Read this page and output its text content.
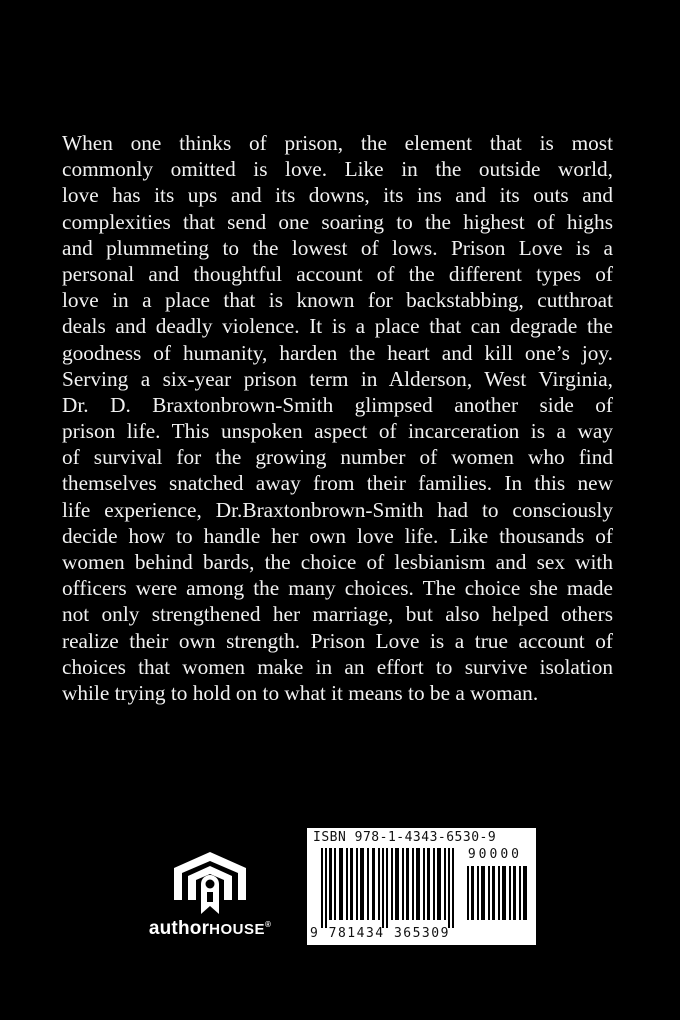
When one thinks of prison, the element that is most
commonly omitted is love. Like in the outside world,
love has its ups and its downs, its ins and its outs and
complexities that send one soaring to the highest of highs
and plummeting to the lowest of lows. Prison Love is a
personal and thoughtful account of the different types of
love in a place that is known for backstabbing, cutthroat
deals and deadly violence. It is a place that can degrade the
goodness of humanity, harden the heart and kill one’s joy.
Serving a six-year prison term in Alderson, West Virginia,
Dr. D. Braxtonbrown-Smith glimpsed another side of
prison life. This unspoken aspect of incarceration is a way
of survival for the growing number of women who find
themselves snatched away from their families. In this new
life experience, Dr.Braxtonbrown-Smith had to consciously
decide how to handle her own love life. Like thousands of
women behind bards, the choice of lesbianism and sex with
officers were among the many choices. The choice she made
not only strengthened her marriage, but also helped others
realize their own strength. Prison Love is a true account of
choices that women make in an effort to survive isolation
while trying to hold on to what it means to be a woman.
authorHOUSE®
ISBN 978-1-4343-6530-9
90000
9 781434 365309
